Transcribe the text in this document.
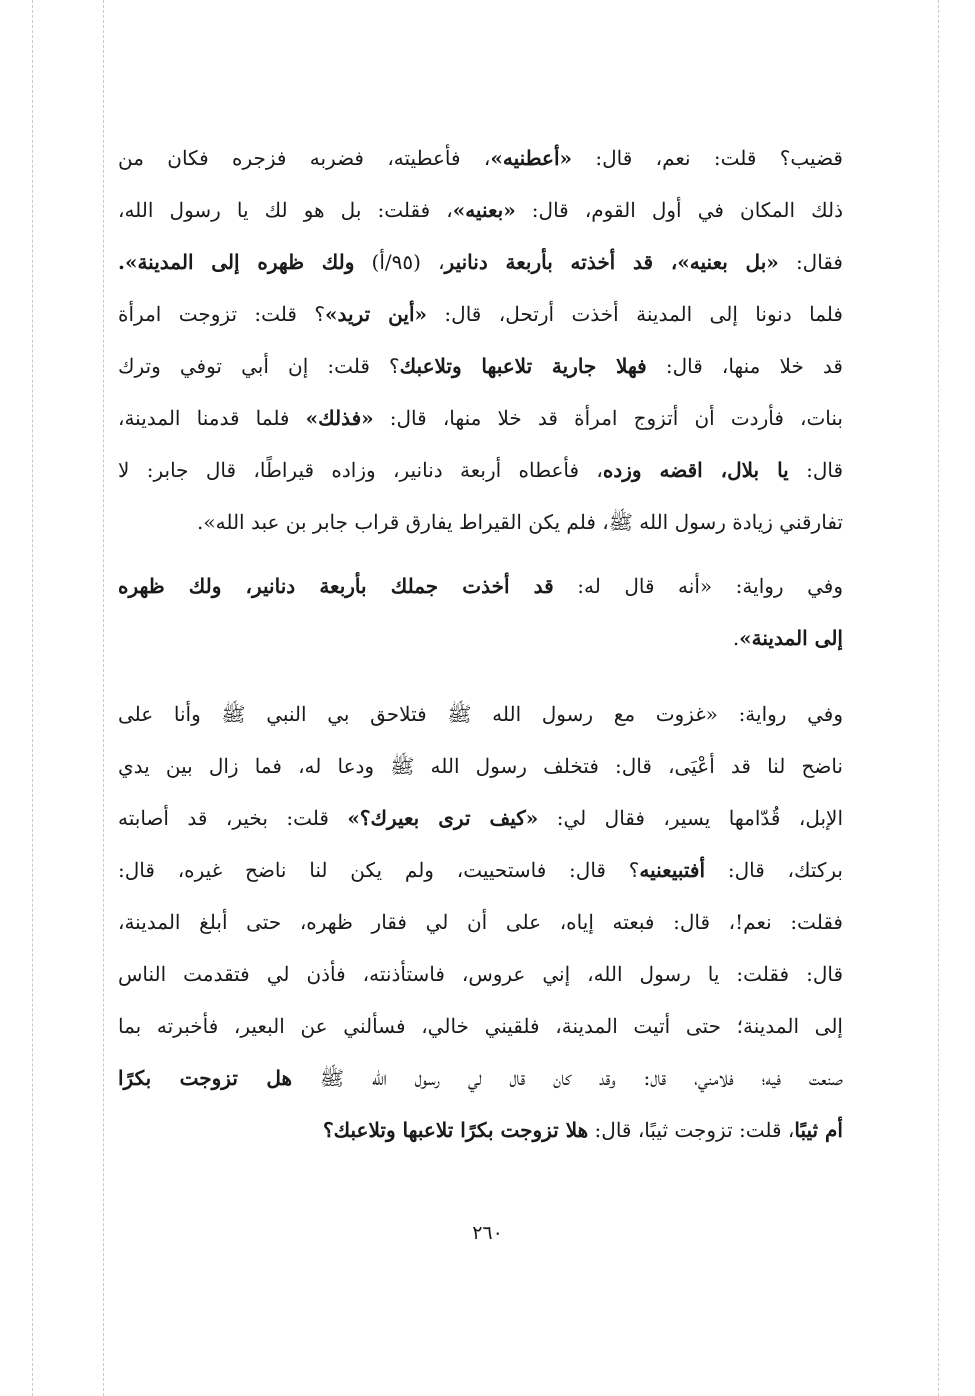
قضيب؟ قلت: نعم، قال: «أعطنيه»، فأعطيته، فضربه فزجره فكان من
ذلك المكان في أول القوم، قال: «بعنيه»، فقلت: بل هو لك يا رسول الله،
فقال: «بل بعنيه»، قد أخذته بأربعة دنانير، (٩٥/أ) ولك ظهره إلى المدينة».
فلما دنونا إلى المدينة أخذت أرتحل، قال: «أين تريد»؟ قلت: تزوجت امرأة
قد خلا منها، قال: فهلا جارية تلاعبها وتلاعبك؟ قلت: إن أبي توفي وترك
بنات، فأردت أن أتزوج امرأة قد خلا منها، قال: «فذلك» فلما قدمنا المدينة،
قال: يا بلال، اقضه وزده، فأعطاه أربعة دنانير، وزاده قيراطًا، قال جابر: لا
تفارقني زيادة رسول الله ﷺ، فلم يكن القيراط يفارق قراب جابر بن عبد الله».
وفي رواية: «أنه قال له: قد أخذت جملك بأربعة دنانير، ولك ظهره
إلى المدينة».
وفي رواية: «غزوت مع رسول الله ﷺ فتلاحق بي النبي ﷺ وأنا على
ناضح لنا قد أعْيَى، قال: فتخلف رسول الله ﷺ ودعا له، فما زال بين يدي
الإبل، قُدّامها يسير، فقال لي: «كيف ترى بعيرك؟» قلت: بخير، قد أصابته
بركتك، قال: أفتبيعنيه؟ قال: فاستحييت، ولم يكن لنا ناضح غيره، قال:
فقلت: نعم!، قال: فبعته إياه، على أن لي فقار ظهره، حتى أبلغ المدينة،
قال: فقلت: يا رسول الله، إني عروس، فاستأذنته، فأذن لي فتقدمت الناس
إلى المدينة؛ حتى أتيت المدينة، فلقيني خالي، فسألني عن البعير، فأخبرته بما
صنعت فيه؛ فلامني، قال: وقد كان قال لي رسول الله ﷺ هل تزوجت بكرًا
أم ثيبًا، قلت: تزوجت ثيبًا، قال: هلا تزوجت بكرًا تلاعبها وتلاعبك؟
٢٦٠
